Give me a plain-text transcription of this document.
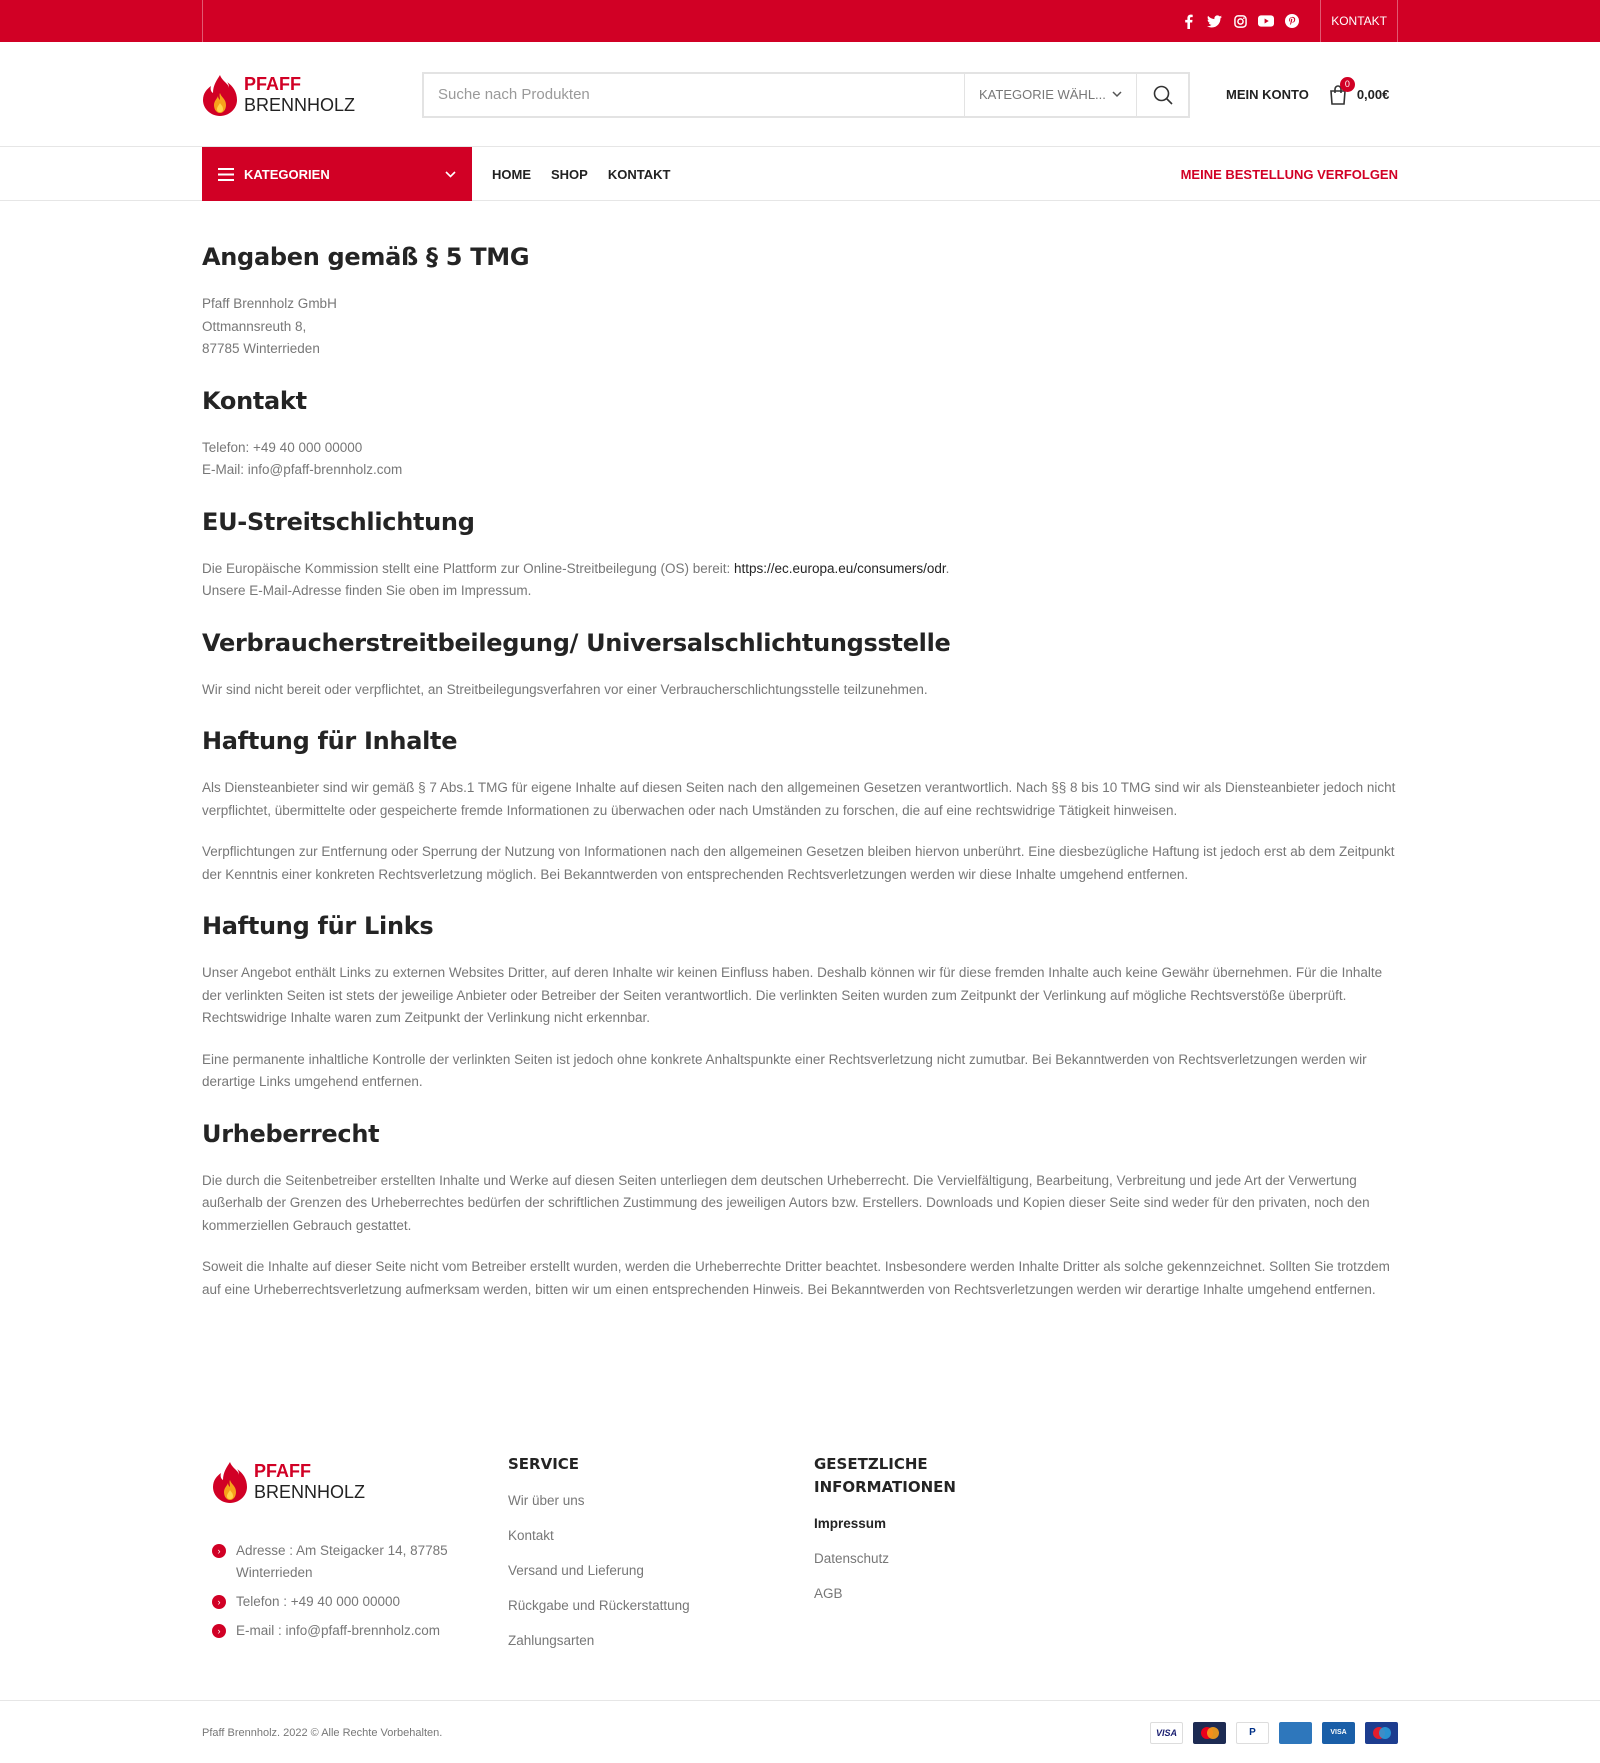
KONTAKT
PFAFF
BRENNHOLZ
Suche nach Produkten	KATEGORIE WÄHL...	MEIN KONTO
0
0,00€
KATEGORIEN	HOME SHOP KONTAKT	MEINE BESTELLUNG VERFOLGEN
Angaben gemäß § 5 TMG

Pfaff Brennholz GmbH
Ottmannsreuth 8,
87785 Winterrieden

Kontakt

Telefon: +49 40 000 00000
E-Mail: info@pfaff-brennholz.com

EU-Streitschlichtung

Die Europäische Kommission stellt eine Plattform zur Online-Streitbeilegung (OS) bereit: https://ec.europa.eu/consumers/odr.
Unsere E-Mail-Adresse finden Sie oben im Impressum.

Verbraucherstreitbeilegung/ Universalschlichtungsstelle

Wir sind nicht bereit oder verpflichtet, an Streitbeilegungsverfahren vor einer Verbraucherschlichtungsstelle teilzunehmen.

Haftung für Inhalte

Als Diensteanbieter sind wir gemäß § 7 Abs.1 TMG für eigene Inhalte auf diesen Seiten nach den allgemeinen Gesetzen verantwortlich. Nach §§ 8 bis 10 TMG sind wir als Diensteanbieter jedoch nicht verpflichtet, übermittelte oder gespeicherte fremde Informationen zu überwachen oder nach Umständen zu forschen, die auf eine rechtswidrige Tätigkeit hinweisen.

Verpflichtungen zur Entfernung oder Sperrung der Nutzung von Informationen nach den allgemeinen Gesetzen bleiben hiervon unberührt. Eine diesbezügliche Haftung ist jedoch erst ab dem Zeitpunkt der Kenntnis einer konkreten Rechtsverletzung möglich. Bei Bekanntwerden von entsprechenden Rechtsverletzungen werden wir diese Inhalte umgehend entfernen.

Haftung für Links

Unser Angebot enthält Links zu externen Websites Dritter, auf deren Inhalte wir keinen Einfluss haben. Deshalb können wir für diese fremden Inhalte auch keine Gewähr übernehmen. Für die Inhalte der verlinkten Seiten ist stets der jeweilige Anbieter oder Betreiber der Seiten verantwortlich. Die verlinkten Seiten wurden zum Zeitpunkt der Verlinkung auf mögliche Rechtsverstöße überprüft. Rechtswidrige Inhalte waren zum Zeitpunkt der Verlinkung nicht erkennbar.

Eine permanente inhaltliche Kontrolle der verlinkten Seiten ist jedoch ohne konkrete Anhaltspunkte einer Rechtsverletzung nicht zumutbar. Bei Bekanntwerden von Rechtsverletzungen werden wir derartige Links umgehend entfernen.

Urheberrecht

Die durch die Seitenbetreiber erstellten Inhalte und Werke auf diesen Seiten unterliegen dem deutschen Urheberrecht. Die Vervielfältigung, Bearbeitung, Verbreitung und jede Art der Verwertung außerhalb der Grenzen des Urheberrechtes bedürfen der schriftlichen Zustimmung des jeweiligen Autors bzw. Erstellers. Downloads und Kopien dieser Seite sind weder für den privaten, noch den kommerziellen Gebrauch gestattet.

Soweit die Inhalte auf dieser Seite nicht vom Betreiber erstellt wurden, werden die Urheberrechte Dritter beachtet. Insbesondere werden Inhalte Dritter als solche gekennzeichnet. Sollten Sie trotzdem auf eine Urheberrechtsverletzung aufmerksam werden, bitten wir um einen entsprechenden Hinweis. Bei Bekanntwerden von Rechtsverletzungen werden wir derartige Inhalte umgehend entfernen.

PFAFF
BRENNHOLZ
›	Adresse : Am Steigacker 14, 87785 Winterrieden
›	Telefon : +49 40 000 00000
›	E-mail : info@pfaff-brennholz.com
SERVICE
Wir über uns
Kontakt
Versand und Lieferung
Rückgabe und Rückerstattung
Zahlungsarten
GESETZLICHE INFORMATIONEN
Impressum
Datenschutz
AGB
Pfaff Brennholz. 2022 © Alle Rechte Vorbehalten.	VISA	P	VISA
